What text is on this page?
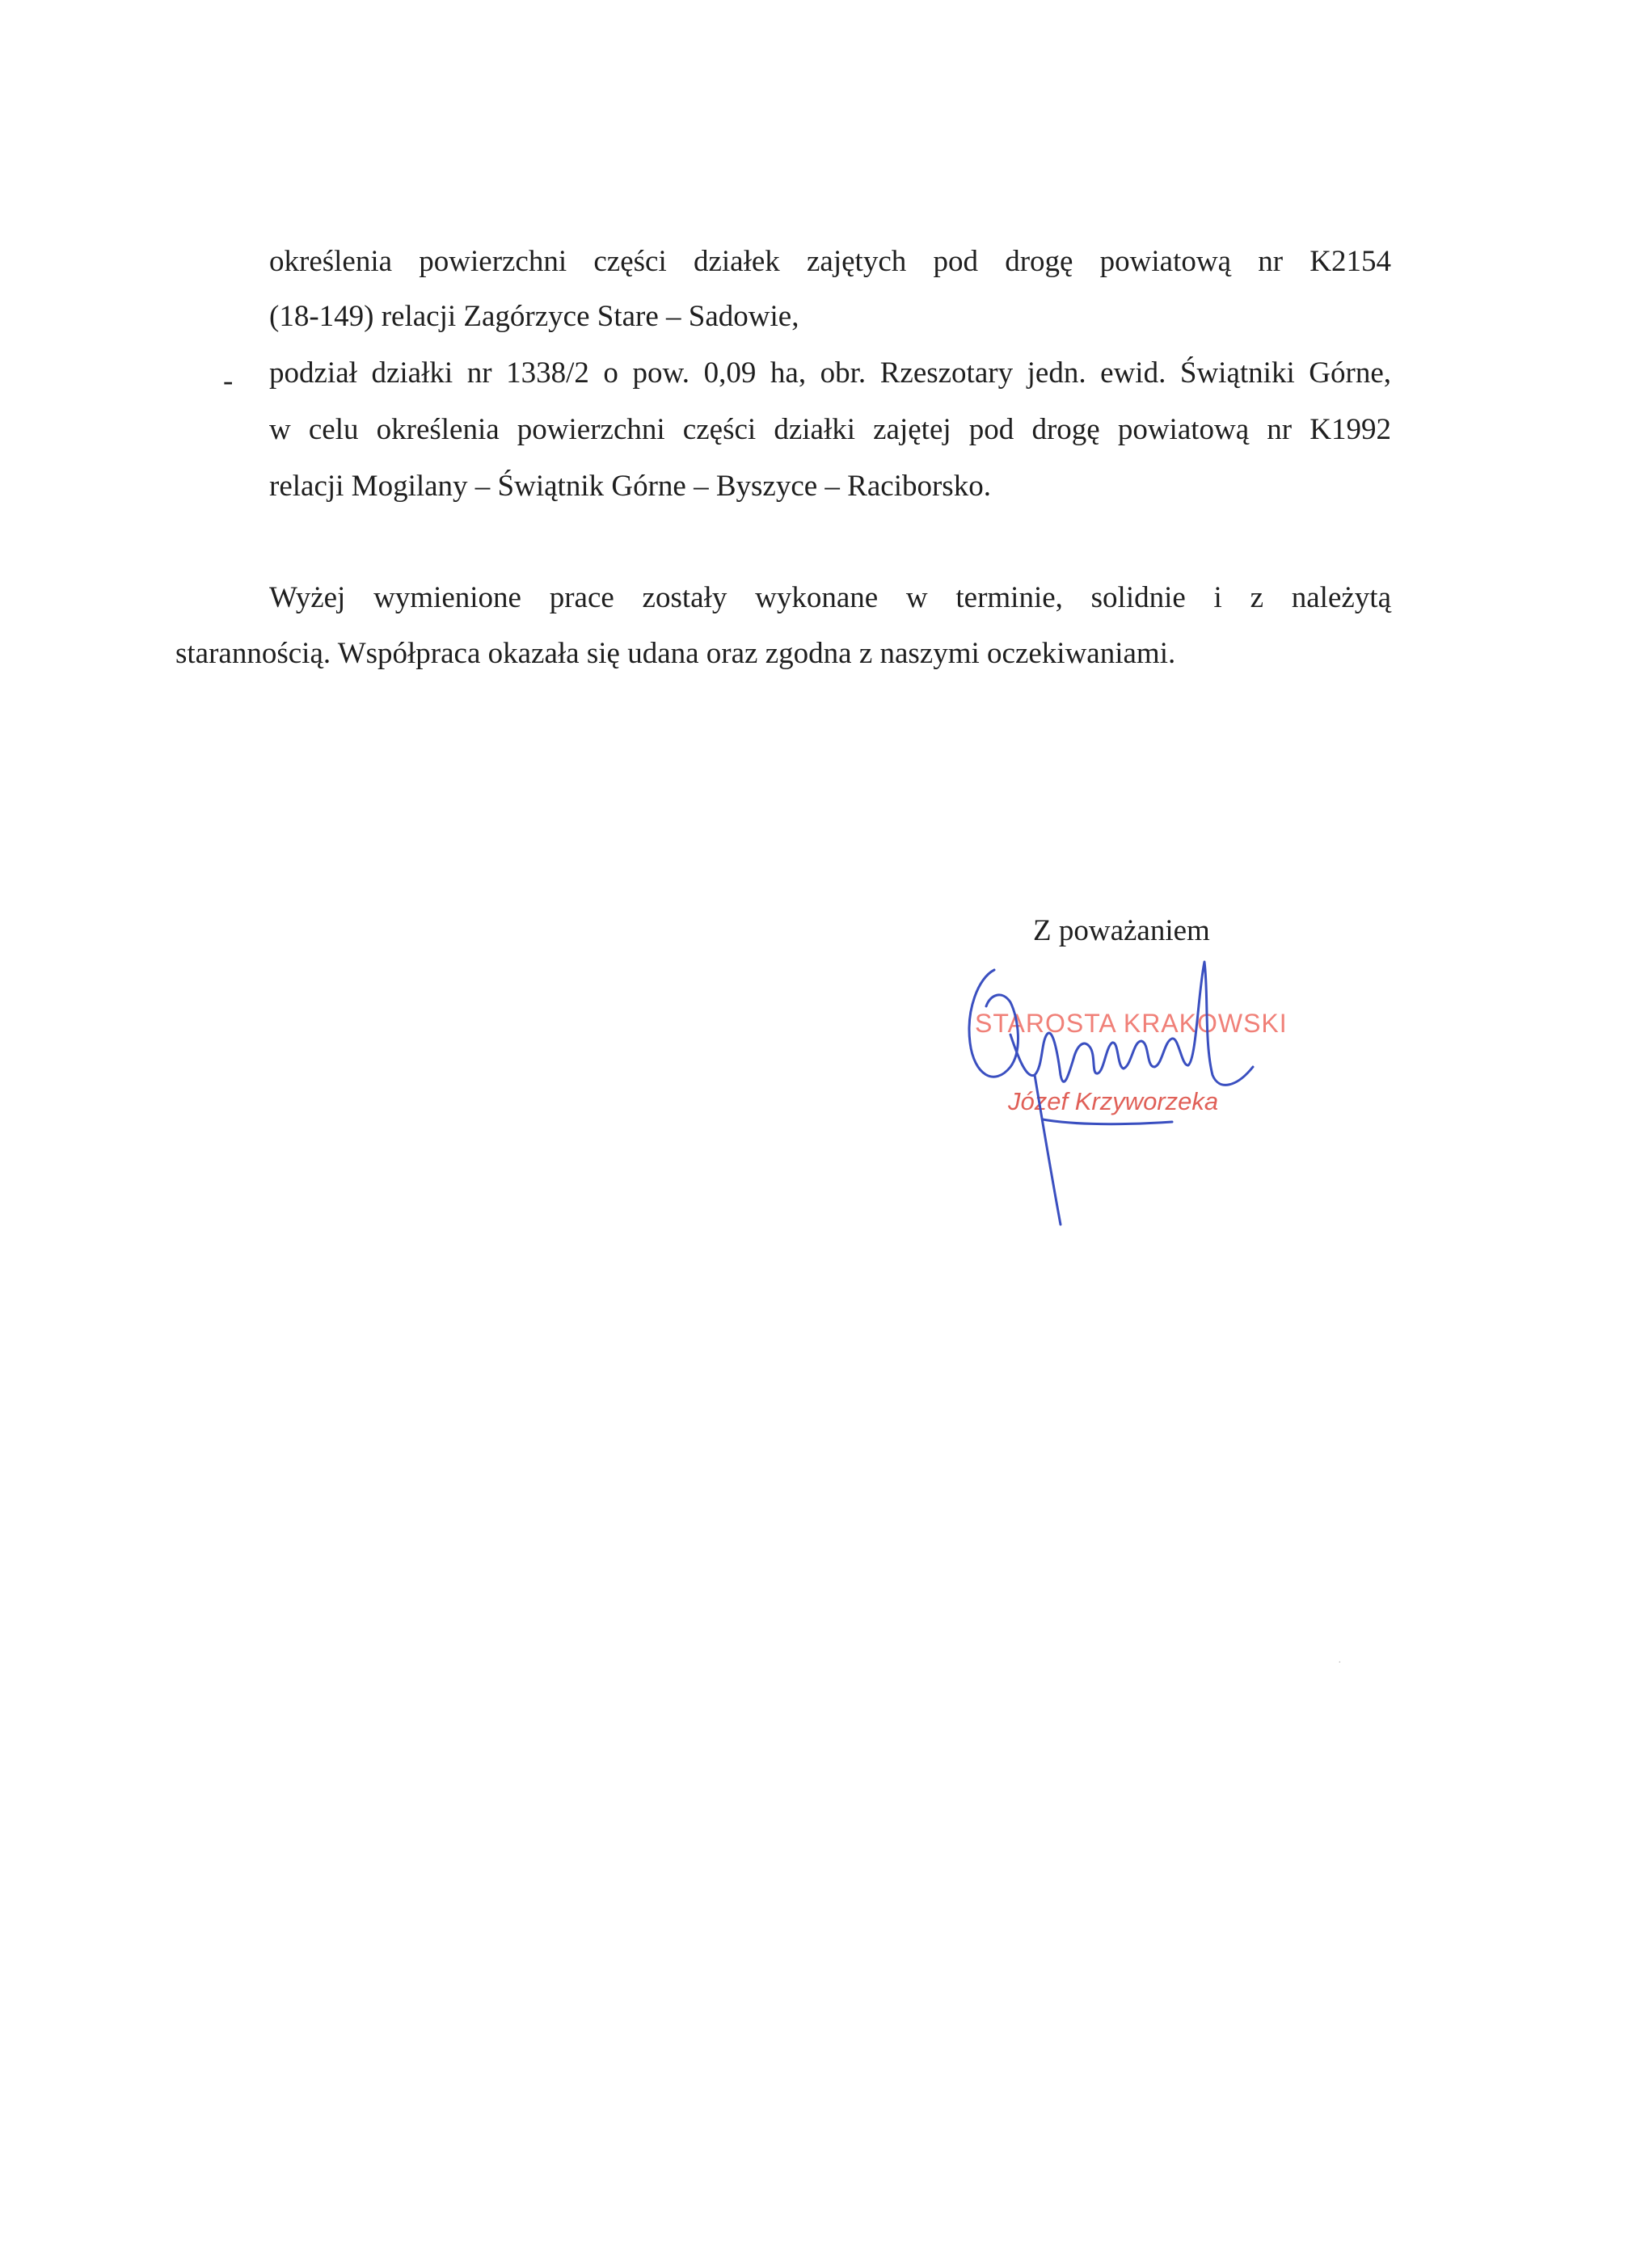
określenia powierzchni części działek zajętych pod drogę powiatową nr K2154
(18-149) relacji Zagórzyce Stare – Sadowie,
- podział działki nr 1338/2 o pow. 0,09 ha, obr. Rzeszotary jedn. ewid. Świątniki Górne,
w celu określenia powierzchni części działki zajętej pod drogę powiatową nr K1992
relacji Mogilany – Świątnik Górne – Byszyce – Raciborsko.
Wyżej wymienione prace zostały wykonane w terminie, solidnie i z należytą
starannością. Współpraca okazała się udana oraz zgodna z naszymi oczekiwaniami.
Z poważaniem
STAROSTA KRAKOWSKI
Józef Krzyworzeka
·
